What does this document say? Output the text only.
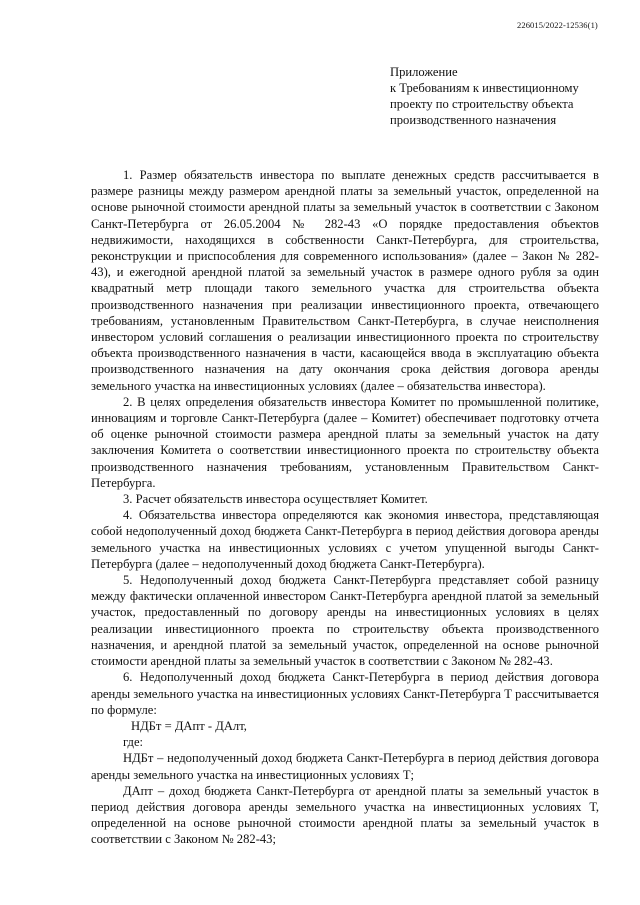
226015/2022-12536(1)
Приложение
к Требованиям к инвестиционному
проекту по строительству объекта
производственного назначения

1. Размер обязательств инвестора по выплате денежных средств рассчитывается в размере разницы между размером арендной платы за земельный участок, определенной на основе рыночной стоимости арендной платы за земельный участок в соответствии с Законом Санкт-Петербурга от 26.05.2004 № 282-43 «О порядке предоставления объектов недвижимости, находящихся в собственности Санкт-Петербурга, для строительства, реконструкции и приспособления для современного использования» (далее – Закон № 282-43), и ежегодной арендной платой за земельный участок в размере одного рубля за один квадратный метр площади такого земельного участка для строительства объекта производственного назначения при реализации инвестиционного проекта, отвечающего требованиям, установленным Правительством Санкт-Петербурга, в случае неисполнения инвестором условий соглашения о реализации инвестиционного проекта по строительству объекта производственного назначения в части, касающейся ввода в эксплуатацию объекта производственного назначения на дату окончания срока действия договора аренды земельного участка на инвестиционных условиях (далее – обязательства инвестора).

2. В целях определения обязательств инвестора Комитет по промышленной политике, инновациям и торговле Санкт-Петербурга (далее – Комитет) обеспечивает подготовку отчета об оценке рыночной стоимости размера арендной платы за земельный участок на дату заключения Комитета о соответствии инвестиционного проекта по строительству объекта производственного назначения требованиям, установленным Правительством Санкт-Петербурга.

3. Расчет обязательств инвестора осуществляет Комитет.

4. Обязательства инвестора определяются как экономия инвестора, представляющая собой недополученный доход бюджета Санкт-Петербурга в период действия договора аренды земельного участка на инвестиционных условиях с учетом упущенной выгоды Санкт-Петербурга (далее – недополученный доход бюджета Санкт-Петербурга).

5. Недополученный доход бюджета Санкт-Петербурга представляет собой разницу между фактически оплаченной инвестором Санкт-Петербурга арендной платой за земельный участок, предоставленный по договору аренды на инвестиционных условиях в целях реализации инвестиционного проекта по строительству объекта производственного назначения, и арендной платой за земельный участок, определенной на основе рыночной стоимости арендной платы за земельный участок в соответствии с Законом № 282-43.

6. Недополученный доход бюджета Санкт-Петербурга в период действия договора аренды земельного участка на инвестиционных условиях Санкт-Петербурга Т рассчитывается по формуле:

НДБт = ДАпт - ДАлт,

где:

НДБт – недополученный доход бюджета Санкт-Петербурга в период действия договора аренды земельного участка на инвестиционных условиях Т;

ДАпт – доход бюджета Санкт-Петербурга от арендной платы за земельный участок в период действия договора аренды земельного участка на инвестиционных условиях Т, определенной на основе рыночной стоимости арендной платы за земельный участок в соответствии с Законом № 282-43;
